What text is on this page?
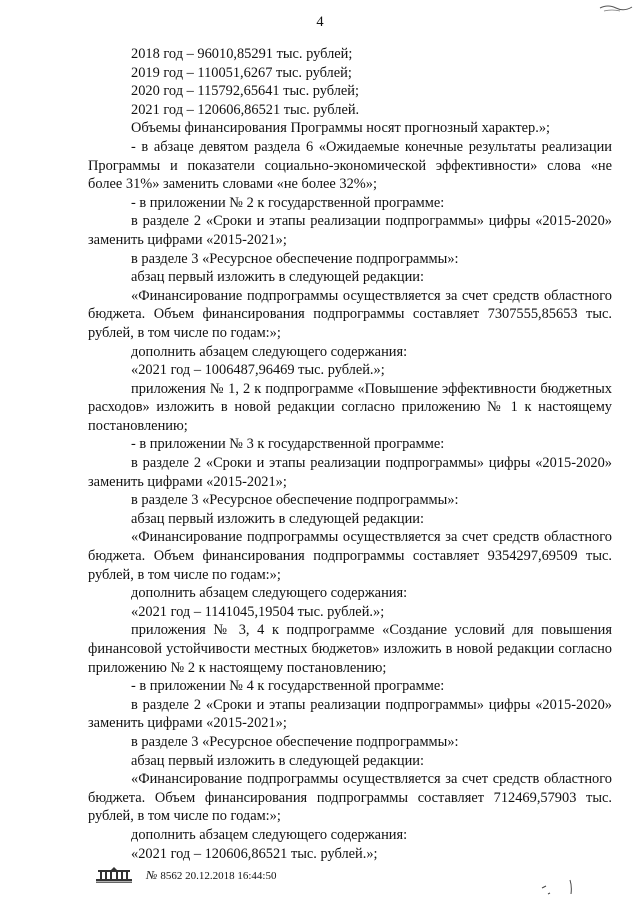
4

2018 год – 96010,85291 тыс. рублей;

2019 год – 110051,6267 тыс. рублей;

2020 год – 115792,65641 тыс. рублей;

2021 год – 120606,86521 тыс. рублей.

Объемы финансирования Программы носят прогнозный характер.»;

- в абзаце девятом раздела 6 «Ожидаемые конечные результаты реализации Программы и показатели социально-экономической эффективности» слова «не более 31%» заменить словами «не более 32%»;

- в приложении № 2 к государственной программе:

в разделе 2 «Сроки и этапы реализации подпрограммы» цифры «2015-2020» заменить цифрами «2015-2021»;

в разделе 3 «Ресурсное обеспечение подпрограммы»:

абзац первый изложить в следующей редакции:

«Финансирование подпрограммы осуществляется за счет средств областного бюджета. Объем финансирования подпрограммы составляет 7307555,85653 тыс. рублей, в том числе по годам:»;

дополнить абзацем следующего содержания:

«2021 год – 1006487,96469 тыс. рублей.»;

приложения № 1, 2 к подпрограмме «Повышение эффективности бюджетных расходов» изложить в новой редакции согласно приложению № 1 к настоящему постановлению;

- в приложении № 3 к государственной программе:

в разделе 2 «Сроки и этапы реализации подпрограммы» цифры «2015-2020» заменить цифрами «2015-2021»;

в разделе 3 «Ресурсное обеспечение подпрограммы»:

абзац первый изложить в следующей редакции:

«Финансирование подпрограммы осуществляется за счет средств областного бюджета. Объем финансирования подпрограммы составляет 9354297,69509 тыс. рублей, в том числе по годам:»;

дополнить абзацем следующего содержания:

«2021 год – 1141045,19504 тыс. рублей.»;

приложения № 3, 4 к подпрограмме «Создание условий для повышения финансовой устойчивости местных бюджетов» изложить в новой редакции согласно приложению № 2 к настоящему постановлению;

- в приложении № 4 к государственной программе:

в разделе 2 «Сроки и этапы реализации подпрограммы» цифры «2015-2020» заменить цифрами «2015-2021»;

в разделе 3 «Ресурсное обеспечение подпрограммы»:

абзац первый изложить в следующей редакции:

«Финансирование подпрограммы осуществляется за счет средств областного бюджета. Объем финансирования подпрограммы составляет 712469,57903 тыс. рублей, в том числе по годам:»;

дополнить абзацем следующего содержания:

«2021 год – 120606,86521 тыс. рублей.»;

№ 8562 20.12.2018 16:44:50
